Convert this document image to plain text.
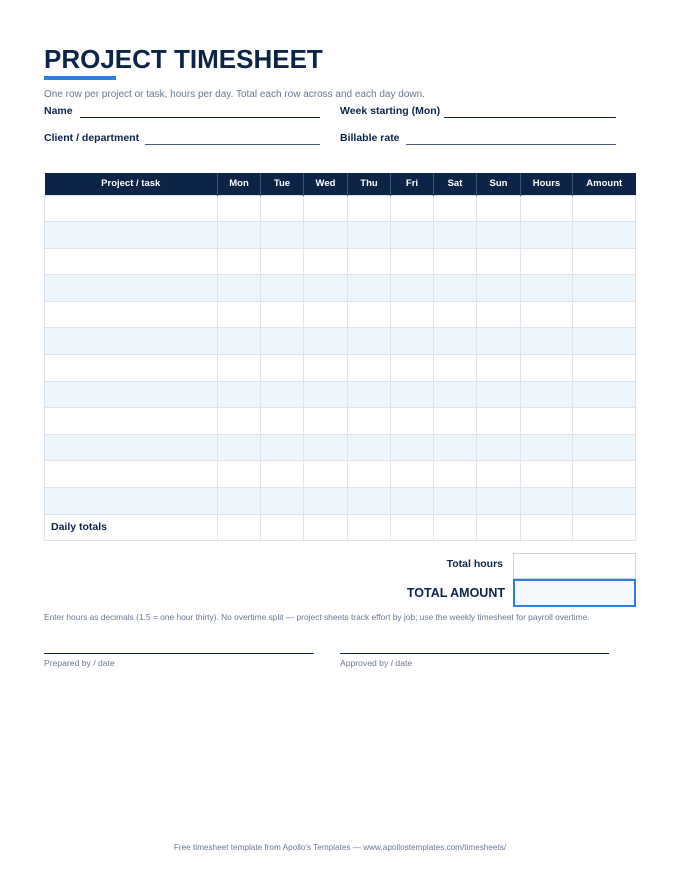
PROJECT TIMESHEET
One row per project or task, hours per day. Total each row across and each day down.
Name	Week starting (Mon)
Client / department	Billable rate
Project / task	Mon	Tue	Wed	Thu	Fri	Sat	Sun	Hours	Amount

Daily totals									
Total hours
TOTAL AMOUNT
Enter hours as decimals (1.5 = one hour thirty). No overtime split — project sheets track effort by job; use the weekly timesheet for payroll overtime.
Prepared by / date	Approved by / date
Free timesheet template from Apollo's Templates — www.apollostemplates.com/timesheets/
